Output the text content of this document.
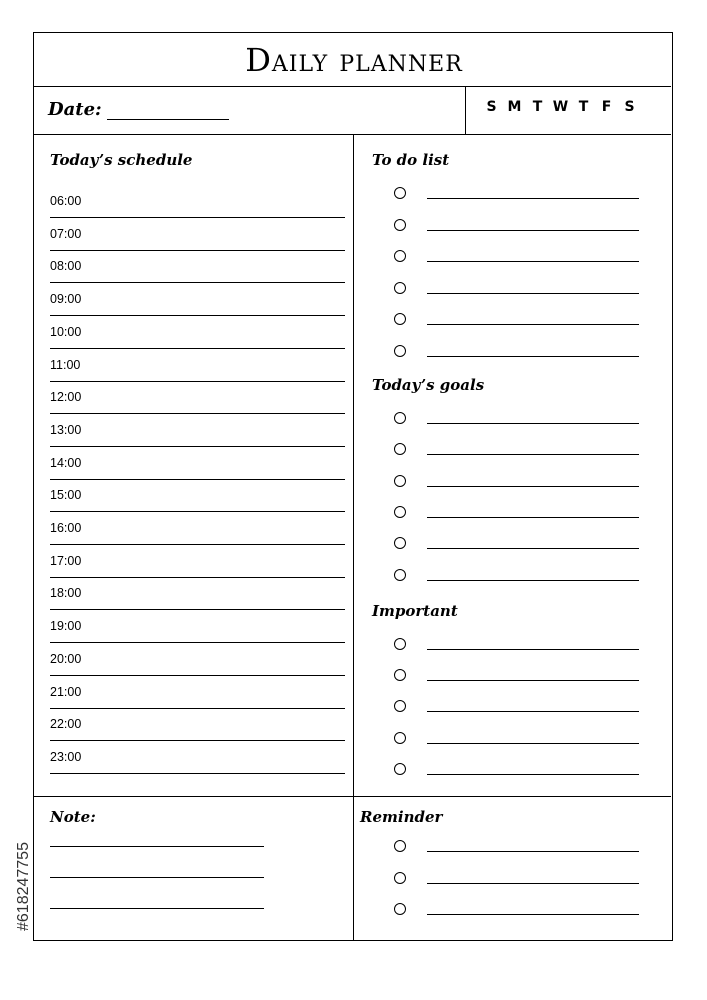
Daily planner
Date:	S M T W T F S
Today’s schedule
06:00
07:00
08:00
09:00
10:00
11:00
12:00
13:00
14:00
15:00
16:00
17:00
18:00
19:00
20:00
21:00
22:00
23:00
To do list
Today’s goals
Important
Note:	Reminder
#618247755
